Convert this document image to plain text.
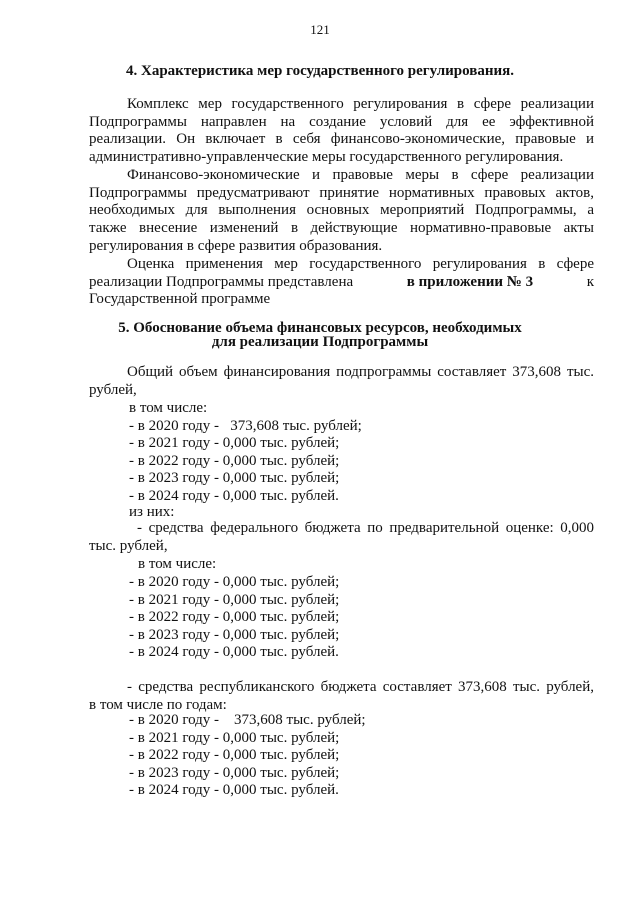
121
4. Характеристика мер государственного регулирования.
Комплекс мер государственного регулирования в сфере реализации
Подпрограммы направлен на создание условий для ее эффективной
реализации. Он включает в себя финансово-экономические, правовые и
административно-управленческие меры государственного регулирования.
Финансово-экономические и правовые меры в сфере реализации
Подпрограммы предусматривают принятие нормативных правовых актов,
необходимых для выполнения основных мероприятий Подпрограммы, а
также внесение изменений в действующие нормативно-правовые акты
регулирования в сфере развития образования.
Оценка применения мер государственного регулирования в сфере
реализации Подпрограммы представлена	в приложении № 3	к
Государственной программе
5. Обоснование объема финансовых ресурсов, необходимых
для реализации Подпрограммы
Общий объем финансирования подпрограммы составляет 373,608 тыс.
рублей,
в том числе:
- в 2020 году -   373,608 тыс. рублей;
- в 2021 году - 0,000 тыс. рублей;
- в 2022 году - 0,000 тыс. рублей;
- в 2023 году - 0,000 тыс. рублей;
- в 2024 году - 0,000 тыс. рублей.
из них:
- средства федерального бюджета по предварительной оценке: 0,000
тыс. рублей,
в том числе:
- в 2020 году - 0,000 тыс. рублей;
- в 2021 году - 0,000 тыс. рублей;
- в 2022 году - 0,000 тыс. рублей;
- в 2023 году - 0,000 тыс. рублей;
- в 2024 году - 0,000 тыс. рублей.
- средства республиканского бюджета составляет 373,608 тыс. рублей,
в том числе по годам:
- в 2020 году -    373,608 тыс. рублей;
- в 2021 году - 0,000 тыс. рублей;
- в 2022 году - 0,000 тыс. рублей;
- в 2023 году - 0,000 тыс. рублей;
- в 2024 году - 0,000 тыс. рублей.
